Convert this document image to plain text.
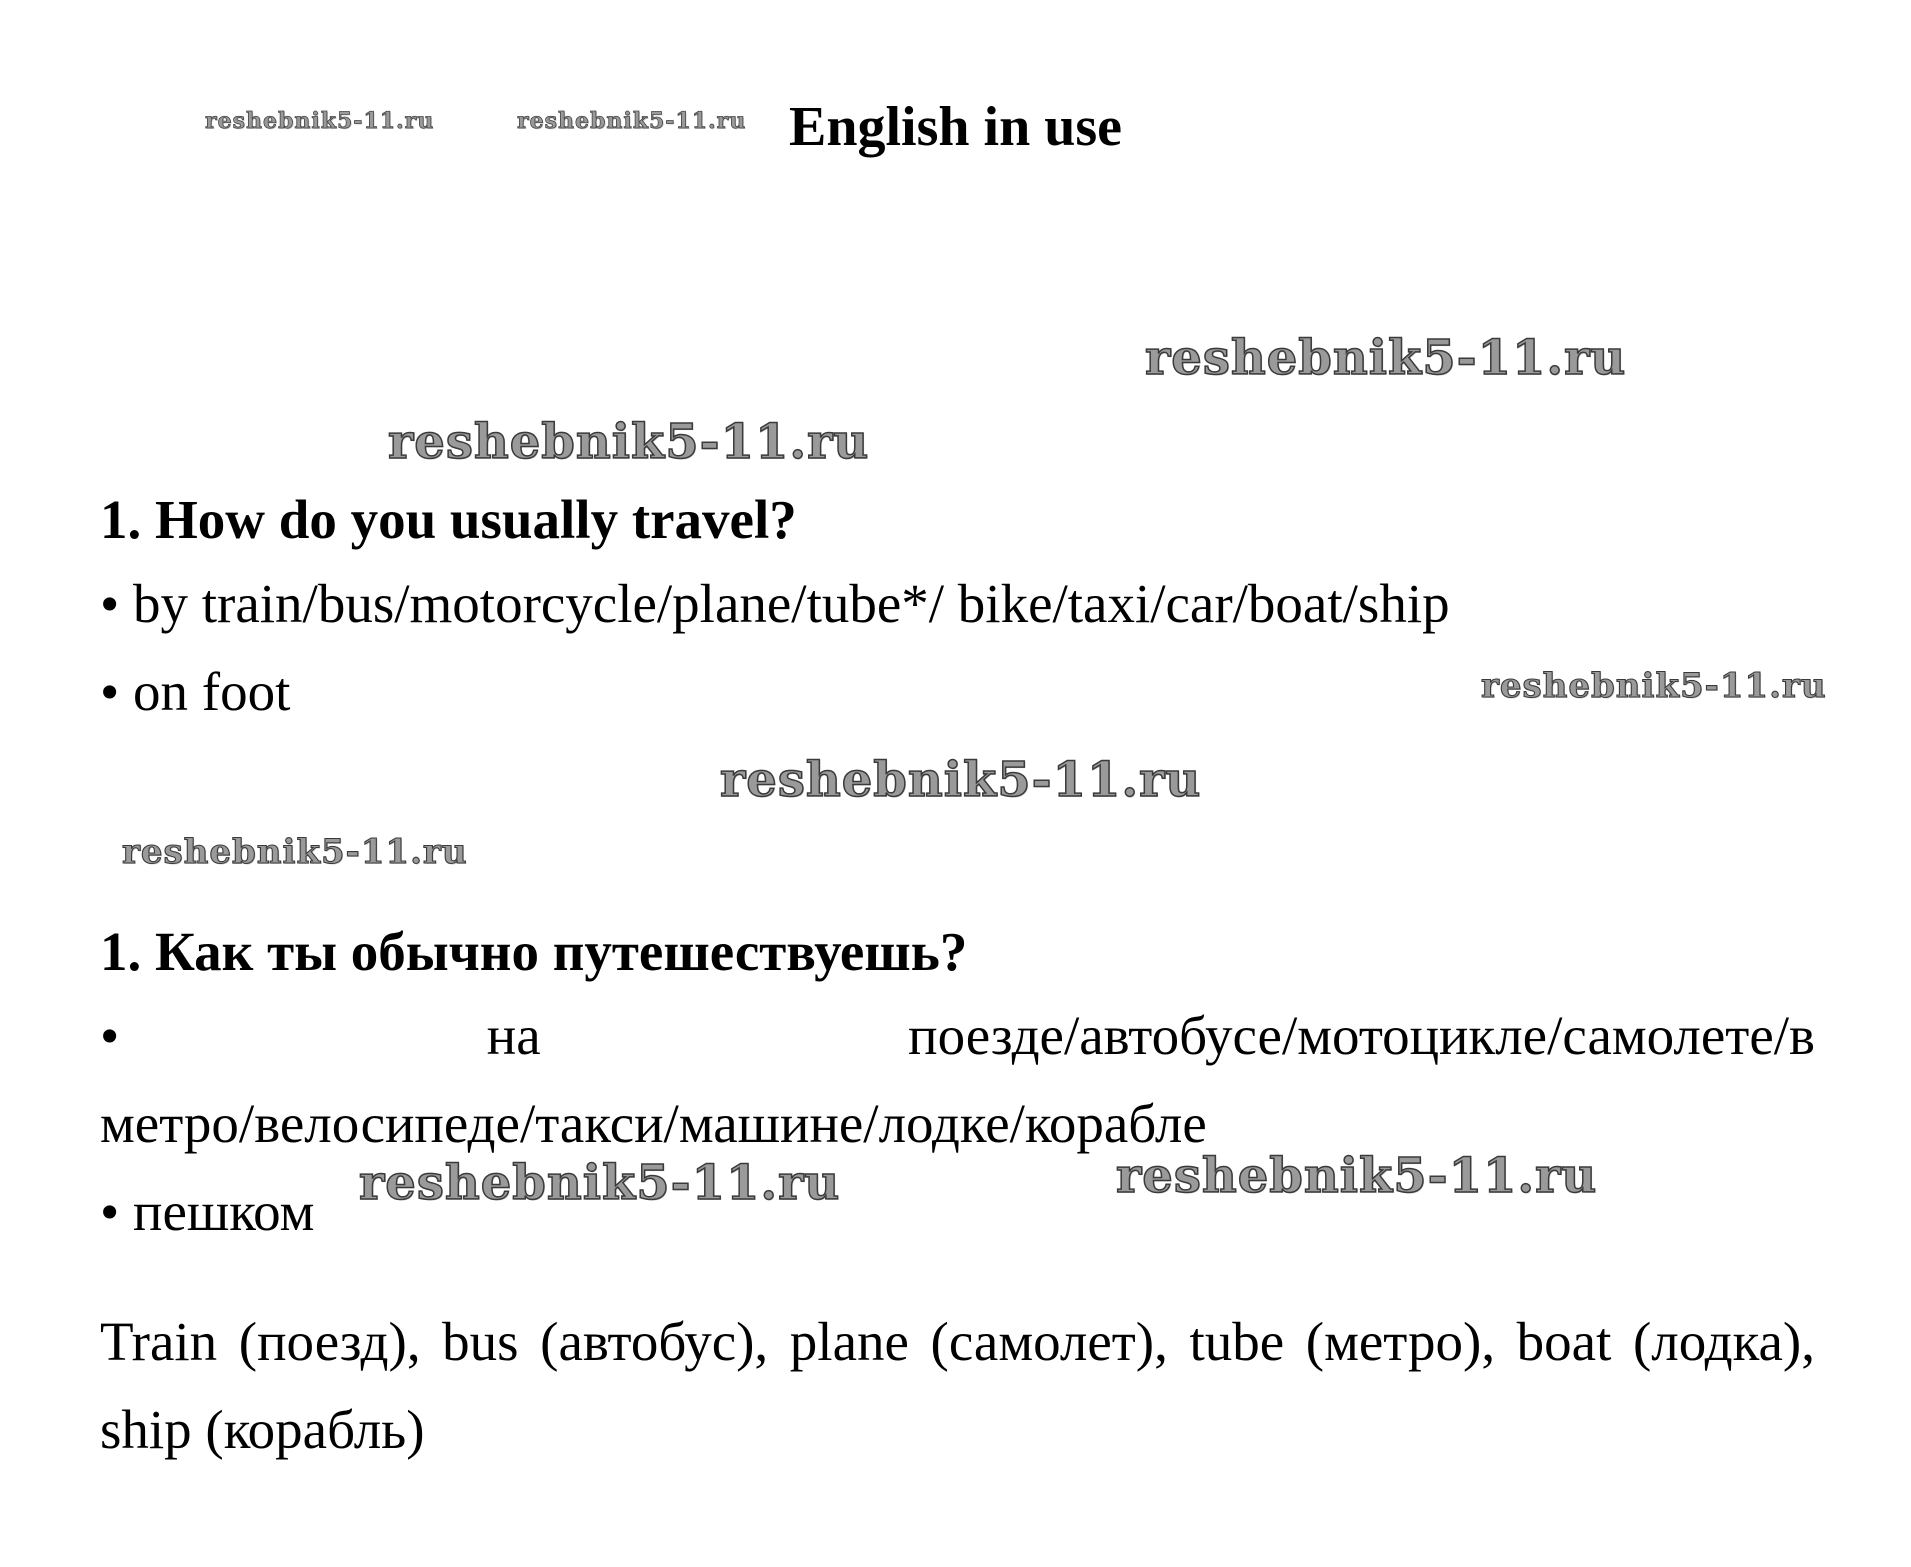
English in use

1. How do you usually travel?

• by train/bus/motorcycle/plane/tube*/ bike/taxi/car/boat/ship

• on foot

1. Как ты обычно путешествуешь?

•	на	поезде/автобусе/мотоцикле/самолете/в

метро/велосипеде/такси/машине/лодке/корабле

• пешком

Train (поезд), bus (автобус), plane (самолет), tube (метро), boat (лодка), ship (корабль)

reshebnik5-11.ru	reshebnik5-11.ru
reshebnik5-11.ru
reshebnik5-11.ru
reshebnik5-11.ru
reshebnik5-11.ru
reshebnik5-11.ru
reshebnik5-11.ru	reshebnik5-11.ru
